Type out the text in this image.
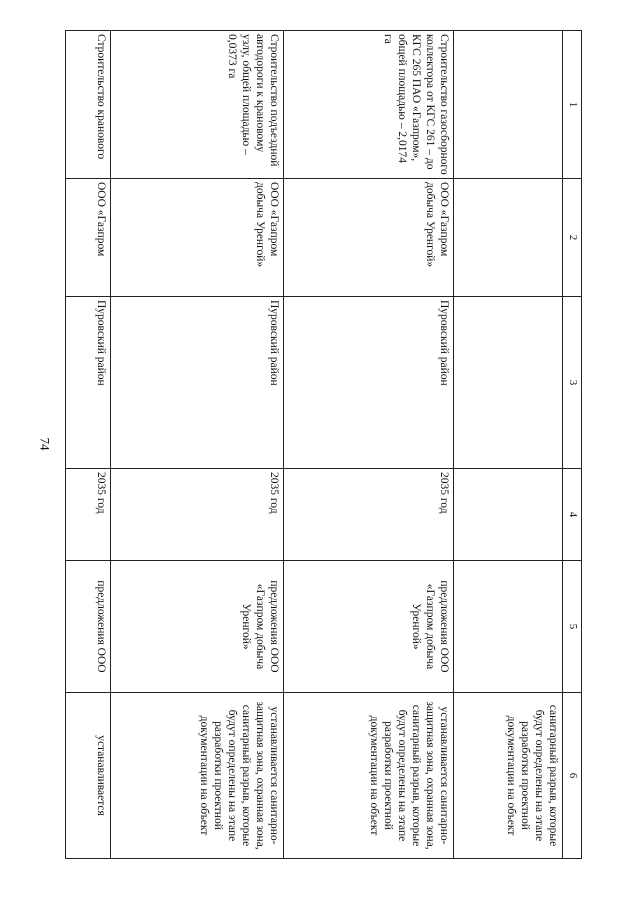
74
1	2	3	4	5	6
					санитарный разрыв, которые будут определены на этапе разработки проектной документации на объект
Строительство газосборного коллектора от КГС 261 – до КГС 265 ПАО «Газпром», общей площадью – 2,0174 га	ООО «Газпром добыча Уренгой»	Пуровский район	2035 год	предложения ООО «Газпром добыча Уренгой»	устанавливается санитарно-защитная зона, охранная зона, санитарный разрыв, которые будут определены на этапе разработки проектной документации на объект
Строительство подъездной автодороги к крановому узлу, общей площадью – 0,0373 га	ООО «Газпром добыча Уренгой»	Пуровский район	2035 год	предложения ООО «Газпром добыча Уренгой»	устанавливается санитарно-защитная зона, охранная зона, санитарный разрыв, которые будут определены на этапе разработки проектной документации на объект
Строительство кранового	ООО «Газпром	Пуровский район	2035 год	предложения ООО	устанавливается
